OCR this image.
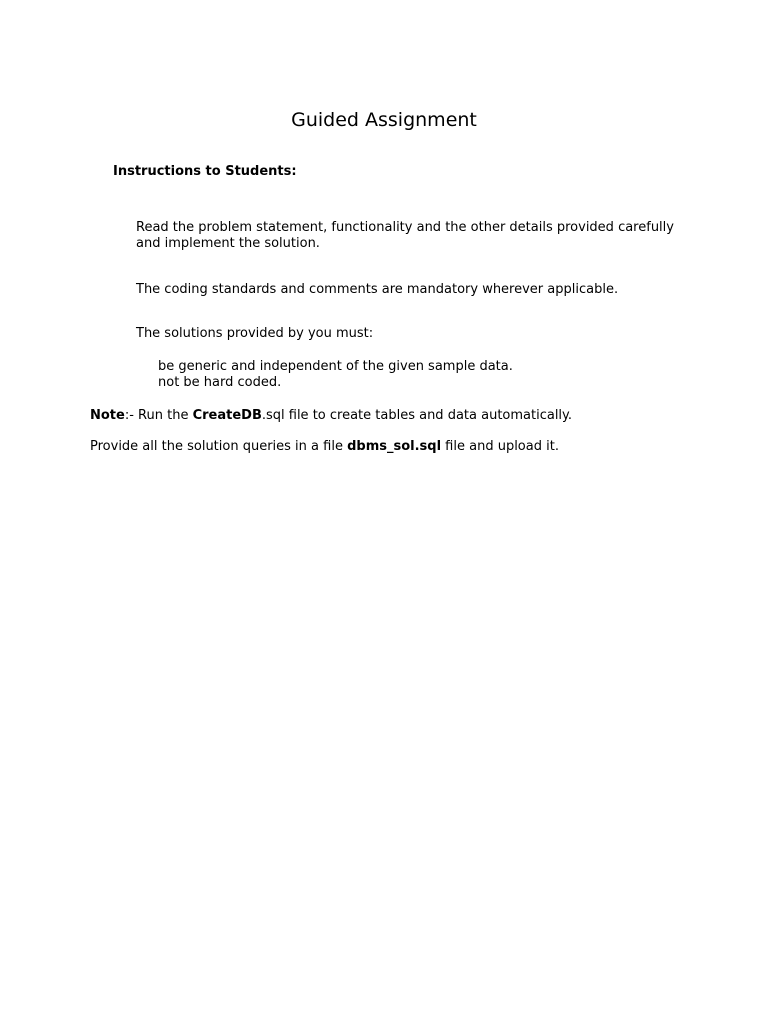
Guided Assignment

Instructions to Students:

Read the problem statement, functionality and the other details provided carefully

and implement the solution.

The coding standards and comments are mandatory wherever applicable.

The solutions provided by you must:

be generic and independent of the given sample data.

not be hard coded.

Note:- Run the CreateDB.sql file to create tables and data automatically.

Provide all the solution queries in a file dbms_sol.sql file and upload it.
